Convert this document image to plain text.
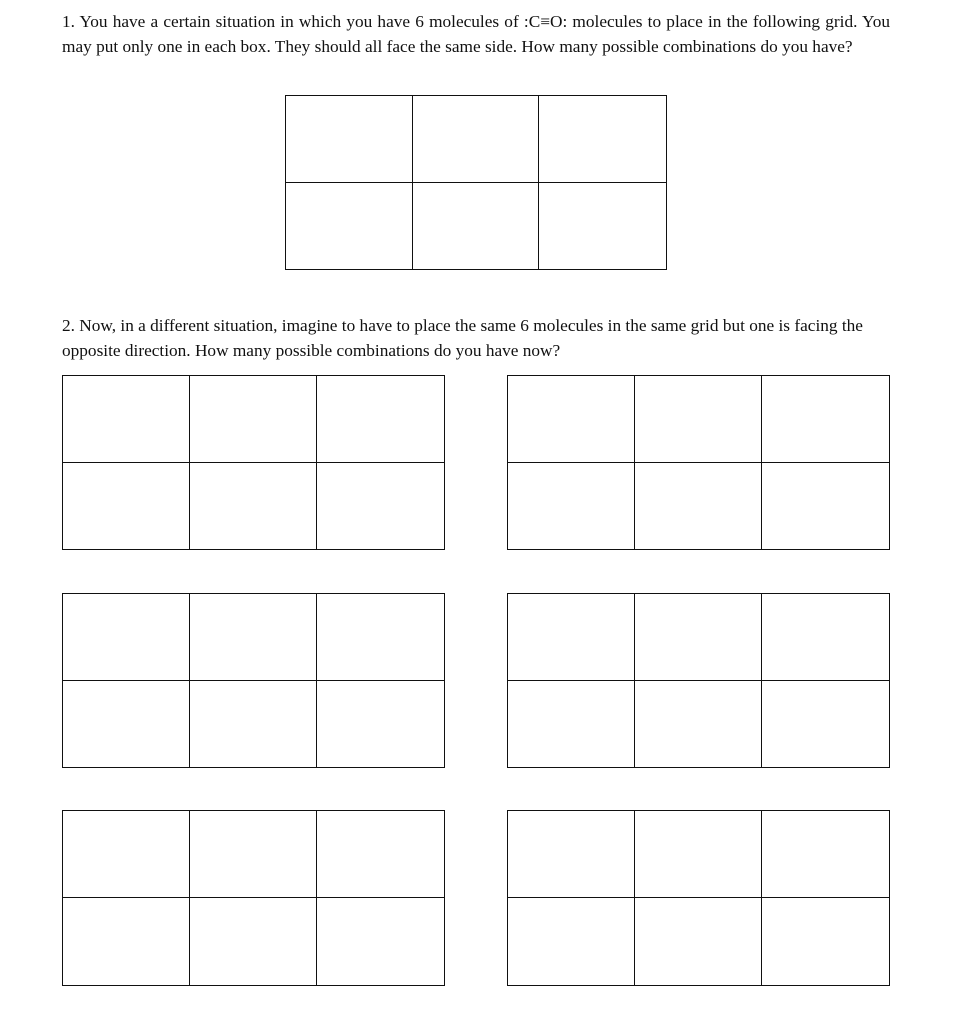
1. You have a certain situation in which you have 6 molecules of :C≡O: molecules to place in the following grid. You may put only one in each box. They should all face the same side. How many possible combinations do you have?

2. Now, in a different situation, imagine to have to place the same 6 molecules in the same grid but one is facing the opposite direction. How many possible combinations do you have now?
